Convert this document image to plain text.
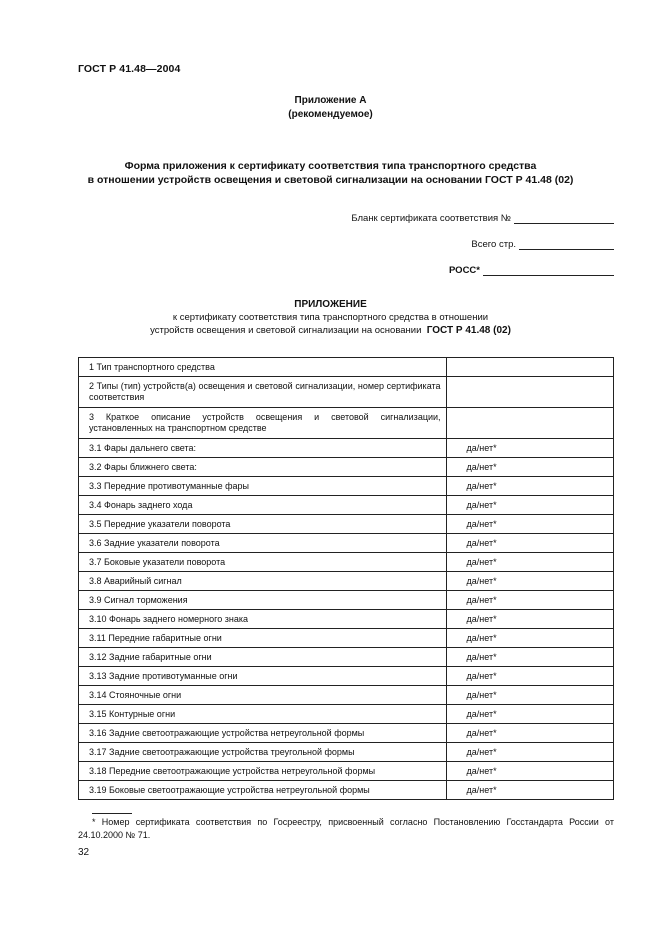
ГОСТ Р 41.48—2004
Приложение А
(рекомендуемое)
Форма приложения к сертификату соответствия типа транспортного средства
в отношении устройств освещения и световой сигнализации на основании ГОСТ Р 41.48 (02)
Бланк сертификата соответствия №
Всего стр.
РОСС*
ПРИЛОЖЕНИЕ
к сертификату соответствия типа транспортного средства в отношении
устройств освещения и световой сигнализации на основании ГОСТ Р 41.48 (02)
1 Тип транспортного средства	
2 Типы (тип) устройств(а) освещения и световой сигнализации, номер сертификата соответствия	
3 Краткое описание устройств освещения и световой сигнализации, установленных на транспортном средстве	
3.1 Фары дальнего света:	да/нет*
3.2 Фары ближнего света:	да/нет*
3.3 Передние противотуманные фары	да/нет*
3.4 Фонарь заднего хода	да/нет*
3.5 Передние указатели поворота	да/нет*
3.6 Задние указатели поворота	да/нет*
3.7 Боковые указатели поворота	да/нет*
3.8 Аварийный сигнал	да/нет*
3.9 Сигнал торможения	да/нет*
3.10 Фонарь заднего номерного знака	да/нет*
3.11 Передние габаритные огни	да/нет*
3.12 Задние габаритные огни	да/нет*
3.13 Задние противотуманные огни	да/нет*
3.14 Стояночные огни	да/нет*
3.15 Контурные огни	да/нет*
3.16 Задние светоотражающие устройства нетреугольной формы	да/нет*
3.17 Задние светоотражающие устройства треугольной формы	да/нет*
3.18 Передние светоотражающие устройства нетреугольной формы	да/нет*
3.19 Боковые светоотражающие устройства нетреугольной формы	да/нет*
* Номер сертификата соответствия по Госреестру, присвоенный согласно Постановлению Госстандарта России от 24.10.2000 № 71.
32
